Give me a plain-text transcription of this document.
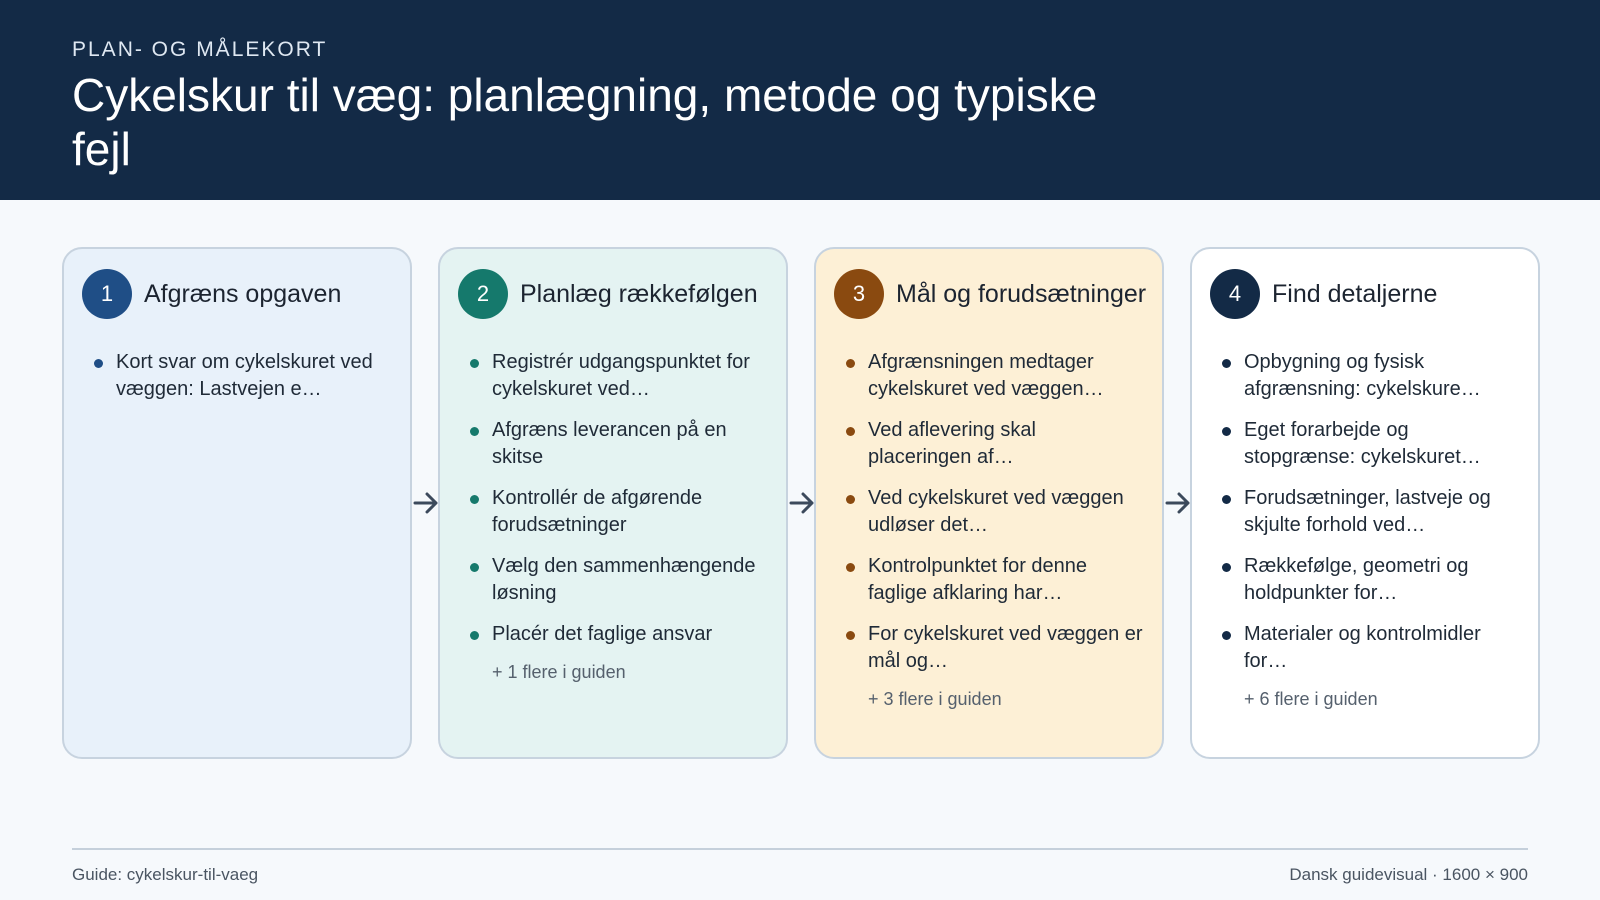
PLAN- OG MÅLEKORT
Cykelskur til væg: planlægning, metode og typiske fejl
1	Afgræns opgaven
Kort svar om cykelskuret ved væggen: Lastvejen e…
2	Planlæg rækkefølgen
Registrér udgangspunktet for cykelskuret ved…
Afgræns leverancen på en skitse
Kontrollér de afgørende forudsætninger
Vælg den sammenhængende løsning
Placér det faglige ansvar
+ 1 flere i guiden
3	Mål og forudsætninger
Afgrænsningen medtager cykelskuret ved væggen…
Ved aflevering skal placeringen af…
Ved cykelskuret ved væggen udløser det…
Kontrolpunktet for denne faglige afklaring har…
For cykelskuret ved væggen er mål og…
+ 3 flere i guiden
4	Find detaljerne
Opbygning og fysisk afgrænsning: cykelskure…
Eget forarbejde og stopgrænse: cykelskuret…
Forudsætninger, lastveje og skjulte forhold ved…
Rækkefølge, geometri og holdpunkter for…
Materialer og kontrolmidler for…
+ 6 flere i guiden
Guide: cykelskur-til-vaeg	Dansk guidevisual · 1600 × 900
